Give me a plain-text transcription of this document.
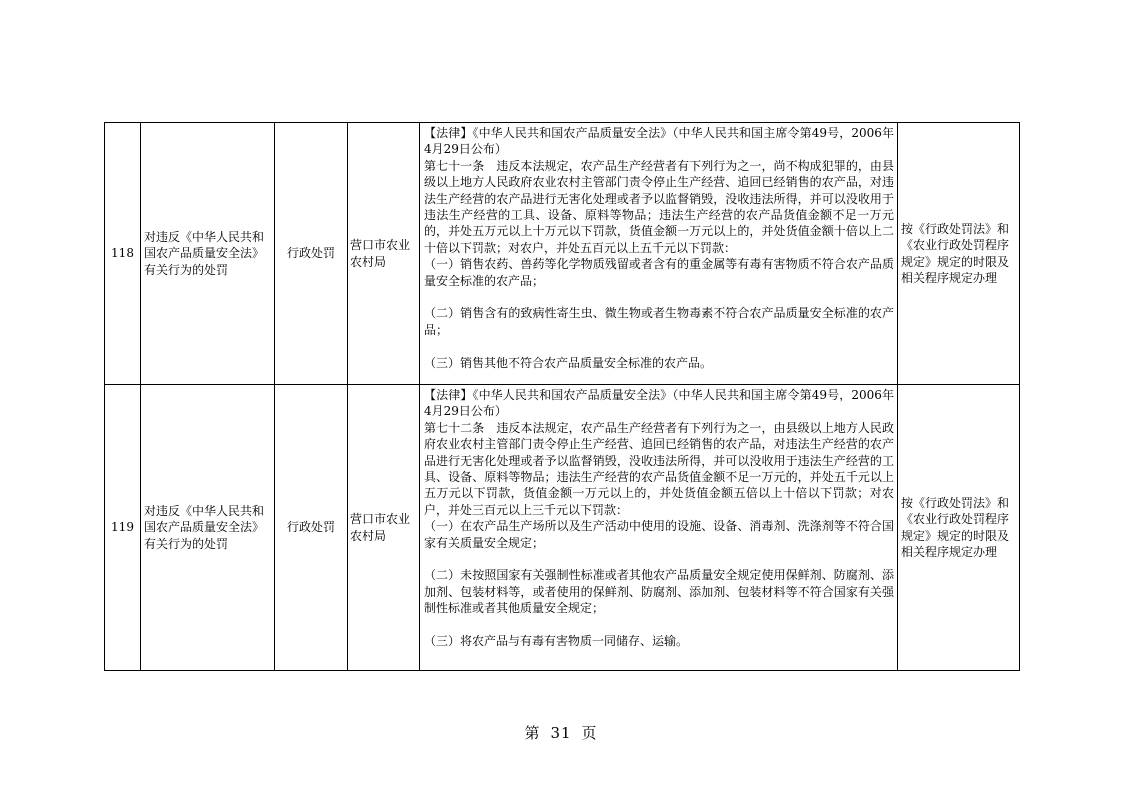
118	对违反《中华人民共和国农产品质量安全法》有关行为的处罚	行政处罚	营口市农业农村局	【法律】《中华人民共和国农产品质量安全法》（中华人民共和国主席令第49号，2006年4月29日公布）

第七十一条　违反本法规定，农产品生产经营者有下列行为之一，尚不构成犯罪的，由县级以上地方人民政府农业农村主管部门责令停止生产经营、追回已经销售的农产品，对违法生产经营的农产品进行无害化处理或者予以监督销毁，没收违法所得，并可以没收用于违法生产经营的工具、设备、原料等物品；违法生产经营的农产品货值金额不足一万元的，并处五万元以上十万元以下罚款，货值金额一万元以上的，并处货值金额十倍以上二十倍以下罚款；对农户，并处五百元以上五千元以下罚款：

（一）销售农药、兽药等化学物质残留或者含有的重金属等有毒有害物质不符合农产品质量安全标准的农产品；

（二）销售含有的致病性寄生虫、微生物或者生物毒素不符合农产品质量安全标准的农产品；

（三）销售其他不符合农产品质量安全标准的农产品。	按《行政处罚法》和《农业行政处罚程序规定》规定的时限及相关程序规定办理
119	对违反《中华人民共和国农产品质量安全法》有关行为的处罚	行政处罚	营口市农业农村局	【法律】《中华人民共和国农产品质量安全法》（中华人民共和国主席令第49号，2006年4月29日公布）

第七十二条　违反本法规定，农产品生产经营者有下列行为之一，由县级以上地方人民政府农业农村主管部门责令停止生产经营、追回已经销售的农产品，对违法生产经营的农产品进行无害化处理或者予以监督销毁，没收违法所得，并可以没收用于违法生产经营的工具、设备、原料等物品；违法生产经营的农产品货值金额不足一万元的，并处五千元以上五万元以下罚款，货值金额一万元以上的，并处货值金额五倍以上十倍以下罚款；对农户，并处三百元以上三千元以下罚款：

（一）在农产品生产场所以及生产活动中使用的设施、设备、消毒剂、洗涤剂等不符合国家有关质量安全规定；

（二）未按照国家有关强制性标准或者其他农产品质量安全规定使用保鲜剂、防腐剂、添加剂、包装材料等，或者使用的保鲜剂、防腐剂、添加剂、包装材料等不符合国家有关强制性标准或者其他质量安全规定；

（三）将农产品与有毒有害物质一同储存、运输。	按《行政处罚法》和《农业行政处罚程序规定》规定的时限及相关程序规定办理
第 31 页
